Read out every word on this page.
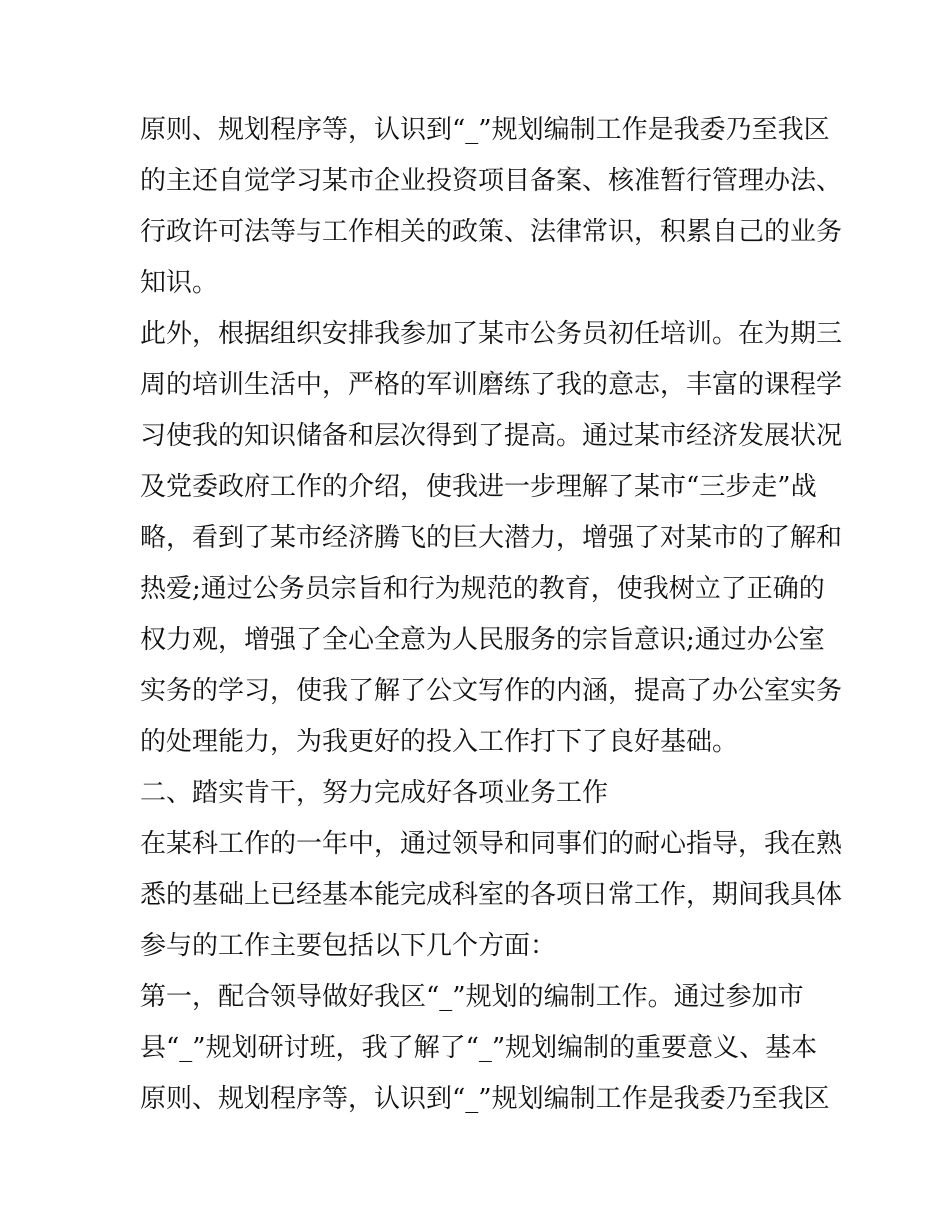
原则、规划程序等，认识到“_”规划编制工作是我委乃至我区
的主还自觉学习某市企业投资项目备案、核准暂行管理办法、
行政许可法等与工作相关的政策、法律常识，积累自己的业务
知识。
此外，根据组织安排我参加了某市公务员初任培训。在为期三
周的培训生活中，严格的军训磨练了我的意志，丰富的课程学
习使我的知识储备和层次得到了提高。通过某市经济发展状况
及党委政府工作的介绍，使我进一步理解了某市“三步走”战
略，看到了某市经济腾飞的巨大潜力，增强了对某市的了解和
热爱;通过公务员宗旨和行为规范的教育，使我树立了正确的
权力观，增强了全心全意为人民服务的宗旨意识;通过办公室
实务的学习，使我了解了公文写作的内涵，提高了办公室实务
的处理能力，为我更好的投入工作打下了良好基础。
二、踏实肯干，努力完成好各项业务工作
在某科工作的一年中，通过领导和同事们的耐心指导，我在熟
悉的基础上已经基本能完成科室的各项日常工作，期间我具体
参与的工作主要包括以下几个方面：
第一，配合领导做好我区“_”规划的编制工作。通过参加市
县“_”规划研讨班，我了解了“_”规划编制的重要意义、基本
原则、规划程序等，认识到“_”规划编制工作是我委乃至我区
